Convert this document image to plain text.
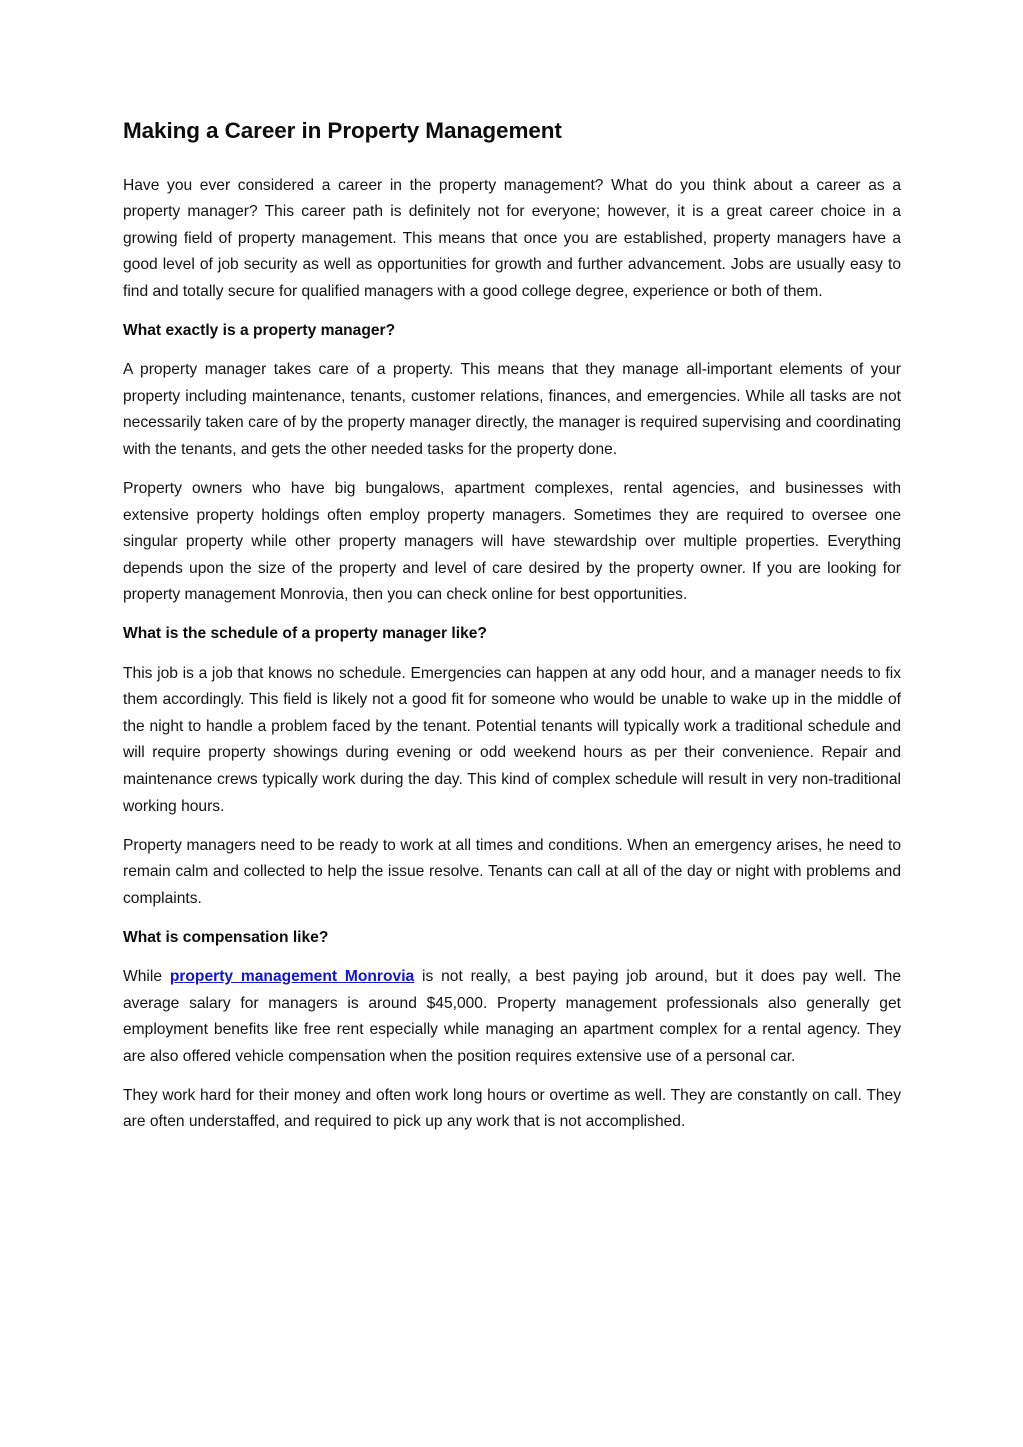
Making a Career in Property Management

Have you ever considered a career in the property management? What do you think about a career as a property manager? This career path is definitely not for everyone; however, it is a great career choice in a growing field of property management. This means that once you are established, property managers have a good level of job security as well as opportunities for growth and further advancement. Jobs are usually easy to find and totally secure for qualified managers with a good college degree, experience or both of them.

What exactly is a property manager?

A property manager takes care of a property. This means that they manage all-important elements of your property including maintenance, tenants, customer relations, finances, and emergencies. While all tasks are not necessarily taken care of by the property manager directly, the manager is required supervising and coordinating with the tenants, and gets the other needed tasks for the property done.

Property owners who have big bungalows, apartment complexes, rental agencies, and businesses with extensive property holdings often employ property managers. Sometimes they are required to oversee one singular property while other property managers will have stewardship over multiple properties. Everything depends upon the size of the property and level of care desired by the property owner. If you are looking for property management Monrovia, then you can check online for best opportunities.

What is the schedule of a property manager like?

This job is a job that knows no schedule. Emergencies can happen at any odd hour, and a manager needs to fix them accordingly. This field is likely not a good fit for someone who would be unable to wake up in the middle of the night to handle a problem faced by the tenant. Potential tenants will typically work a traditional schedule and will require property showings during evening or odd weekend hours as per their convenience. Repair and maintenance crews typically work during the day. This kind of complex schedule will result in very non-traditional working hours.

Property managers need to be ready to work at all times and conditions. When an emergency arises, he need to remain calm and collected to help the issue resolve. Tenants can call at all of the day or night with problems and complaints.

What is compensation like?

While property management Monrovia is not really, a best paying job around, but it does pay well. The average salary for managers is around $45,000. Property management professionals also generally get employment benefits like free rent especially while managing an apartment complex for a rental agency. They are also offered vehicle compensation when the position requires extensive use of a personal car.

They work hard for their money and often work long hours or overtime as well. They are constantly on call. They are often understaffed, and required to pick up any work that is not accomplished.
